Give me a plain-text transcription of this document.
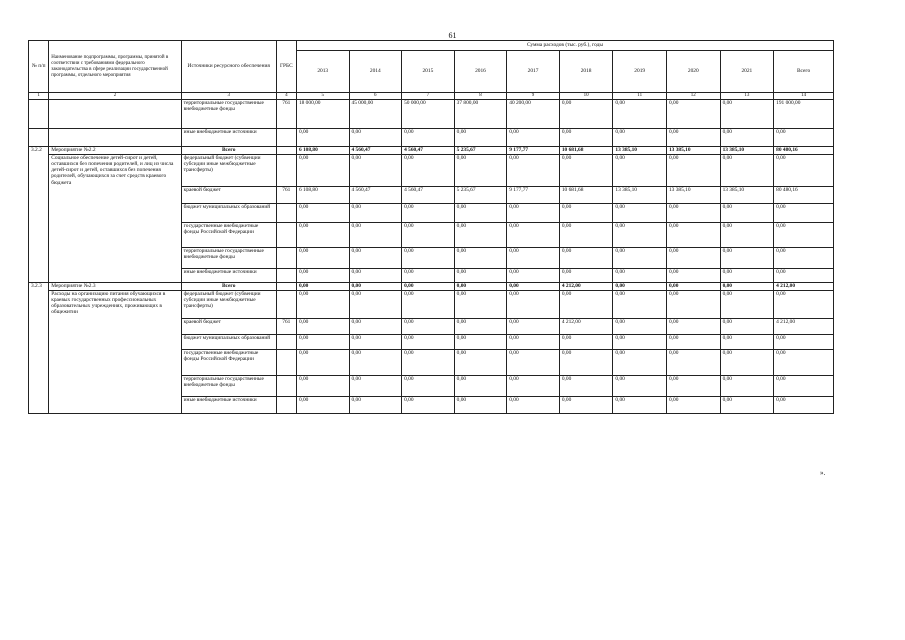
61
№ п/п	Наименование подпрограммы, программы, принятой в соответствии с требованиями федерального законодательства в сфере реализации государственной программы, отдельного мероприятия	Источники ресурсного обеспечения	ГРБС	Сумма расходов (тыс. руб.), годы									
				2013	2014	2015	2016	2017	2018	2019	2020	2021	Всего
1	2	3	4	5	6	7	8	9	10	11	12	13	14
		территориальные государственные внебюджетные фонды	761	18 000,00	45 000,00	50 000,00	37 800,00	40 200,00	0,00	0,00	0,00	0,00	191 000,00
		иные внебюджетные источники		0,00	0,00	0,00	0,00	0,00	0,00	0,00	0,00	0,00	0,00
3.2.2	Мероприятие №2.2	Всего		6 108,80	4 560,47	4 560,47	5 235,67	9 177,77	10 681,68	13 385,10	13 385,10	13 385,10	80 480,16
	Социальное обеспечение детей-сирот и детей, оставшихся без попечения родителей, и лиц из числа детей-сирот и детей, оставшихся без попечения родителей, обучающихся за счет средств краевого бюджета	федеральный бюджет (субвенции субсидии иные межбюджетные трансферты)		0,00	0,00	0,00	0,00	0,00	0,00	0,00	0,00	0,00	0,00
		краевой бюджет	761	6 108,80	4 560,47	4 560,47	5 235,67	9 177,77	10 681,68	13 385,10	13 385,10	13 385,10	80 480,16
		бюджет муниципальных образований		0,00	0,00	0,00	0,00	0,00	0,00	0,00	0,00	0,00	0,00
		государственные внебюджетные фонды Российской Федерации		0,00	0,00	0,00	0,00	0,00	0,00	0,00	0,00	0,00	0,00
		территориальные государственные внебюджетные фонды		0,00	0,00	0,00	0,00	0,00	0,00	0,00	0,00	0,00	0,00
		иные внебюджетные источники		0,00	0,00	0,00	0,00	0,00	0,00	0,00	0,00	0,00	0,00
3.2.3	Мероприятие №2.3	Всего		0,00	0,00	0,00	0,00	0,00	4 212,00	0,00	0,00	0,00	4 212,00
	Расходы на организацию питания обучающихся в краевых государственных профессиональных образовательных учреждениях, проживающих в общежитии	федеральный бюджет (субвенции субсидии иные межбюджетные трансферты)		0,00	0,00	0,00	0,00	0,00	0,00	0,00	0,00	0,00	0,00
		краевой бюджет	761	0,00	0,00	0,00	0,00	0,00	4 212,00	0,00	0,00	0,00	4 212,00
		бюджет муниципальных образований		0,00	0,00	0,00	0,00	0,00	0,00	0,00	0,00	0,00	0,00
		государственные внебюджетные фонды Российской Федерации		0,00	0,00	0,00	0,00	0,00	0,00	0,00	0,00	0,00	0,00
		территориальные государственные внебюджетные фонды		0,00	0,00	0,00	0,00	0,00	0,00	0,00	0,00	0,00	0,00
		иные внебюджетные источники		0,00	0,00	0,00	0,00	0,00	0,00	0,00	0,00	0,00	0,00
».
